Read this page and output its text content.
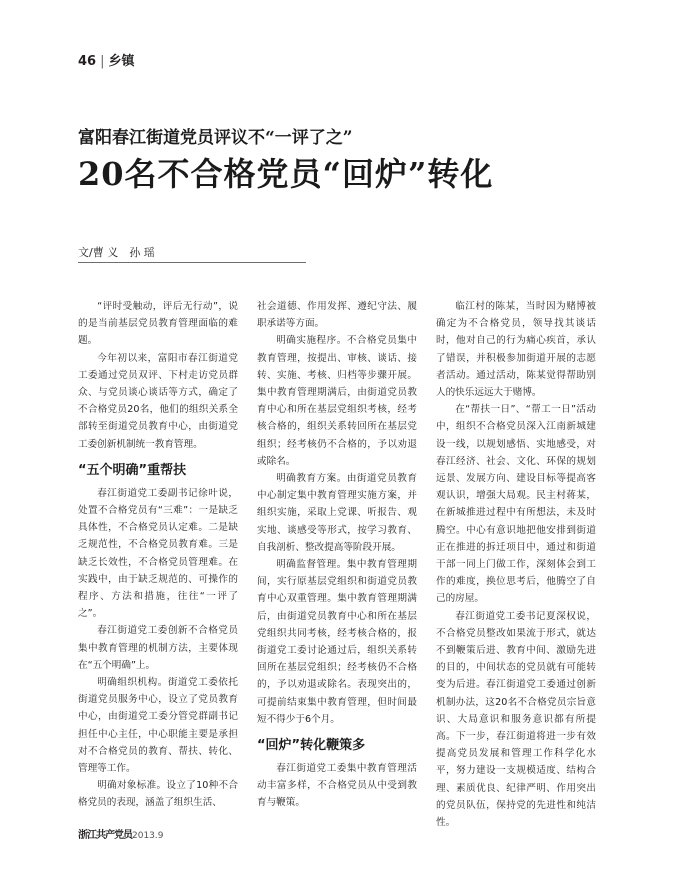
46 | 乡镇
富阳春江街道党员评议不“一评了之”
20名不合格党员“回炉”转化
文/曹 义　孙 瑶

“评时受触动，评后无行动”，说的是当前基层党员教育管理面临的难题。

今年初以来，富阳市春江街道党工委通过党员双评、下村走访党员群众、与党员谈心谈话等方式，确定了不合格党员20名，他们的组织关系全部转至街道党员教育中心，由街道党工委创新机制统一教育管理。

“五个明确”重帮扶

春江街道党工委副书记徐叶说，处置不合格党员有“三难”：一是缺乏具体性，不合格党员认定难。二是缺乏规范性，不合格党员教育难。三是缺乏长效性，不合格党员管理难。在实践中，由于缺乏规范的、可操作的程序、方法和措施，往往“一评了之”。

春江街道党工委创新不合格党员集中教育管理的机制方法，主要体现在“五个明确”上。

明确组织机构。街道党工委依托街道党员服务中心，设立了党员教育中心，由街道党工委分管党群副书记担任中心主任，中心职能主要是承担对不合格党员的教育、帮扶、转化、管理等工作。

明确对象标准。设立了10种不合格党员的表现，涵盖了组织生活、

社会道德、作用发挥、遵纪守法、履职承诺等方面。

明确实施程序。不合格党员集中教育管理，按提出、审核、谈话、接转、实施、考核、归档等步骤开展。集中教育管理期满后，由街道党员教育中心和所在基层党组织考核，经考核合格的，组织关系转回所在基层党组织；经考核仍不合格的，予以劝退或除名。

明确教育方案。由街道党员教育中心制定集中教育管理实施方案，并组织实施，采取上党课、听报告、观实地、谈感受等形式，按学习教育、自我剖析、整改提高等阶段开展。

明确监督管理。集中教育管理期间，实行原基层党组织和街道党员教育中心双重管理。集中教育管理期满后，由街道党员教育中心和所在基层党组织共同考核，经考核合格的，报街道党工委讨论通过后，组织关系转回所在基层党组织；经考核仍不合格的，予以劝退或除名。表现突出的，可提前结束集中教育管理，但时间最短不得少于6个月。

“回炉”转化鞭策多

春江街道党工委集中教育管理活动丰富多样，不合格党员从中受到教育与鞭策。

临江村的陈某，当时因为赌博被确定为不合格党员，领导找其谈话时，他对自己的行为痛心疾首，承认了错误，并积极参加街道开展的志愿者活动。通过活动，陈某觉得帮助别人的快乐远远大于赌博。

在“帮扶一日”、“帮工一日”活动中，组织不合格党员深入江南新城建设一线，以规划感悟、实地感受，对春江经济、社会、文化、环保的规划远景、发展方向、建设目标等提高客观认识，增强大局观。民主村蒋某，在新城推进过程中有所想法，未及时腾空。中心有意识地把他安排到街道正在推进的拆迁项目中，通过和街道干部一同上门做工作，深刻体会到工作的难度，换位思考后，他腾空了自己的房屋。

春江街道党工委书记夏深权说，不合格党员整改如果流于形式，就达不到鞭策后进、教育中间、激励先进的目的，中间状态的党员就有可能转变为后进。春江街道党工委通过创新机制办法，这20名不合格党员宗旨意识、大局意识和服务意识都有所提高。下一步，春江街道将进一步有效提高党员发展和管理工作科学化水平，努力建设一支规模适度、结构合理、素质优良、纪律严明、作用突出的党员队伍，保持党的先进性和纯洁性。

浙江共产党员2013.9
